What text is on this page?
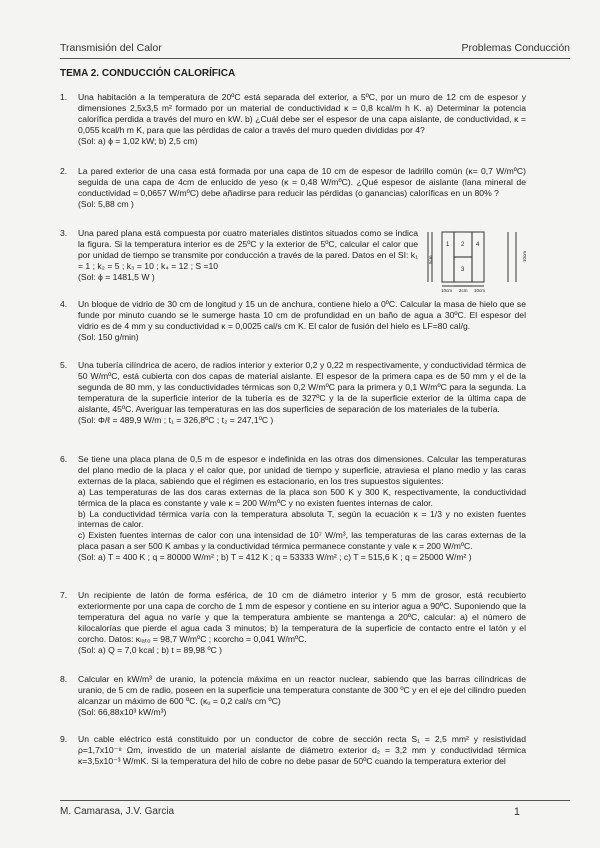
Transmisión del Calor	Problemas Conducción
TEMA 2. CONDUCCIÓN CALORÍFICA
1.	Una habitación a la temperatura de 20ºC está separada del exterior, a 5ºC, por un muro de 12 cm de espesor y dimensiones 2,5x3,5 m² formado por un material de conductividad κ = 0,8 kcal/m h K. a) Determinar la potencia calorífica perdida a través del muro en kW. b) ¿Cuál debe ser el espesor de una capa aislante, de conductividad, κ = 0,055 kcal/h m K, para que las pérdidas de calor a través del muro queden divididas por 4?

(Sol: a) ϕ = 1,02 kW; b) 2,5 cm)

2.	La pared exterior de una casa está formada por una capa de 10 cm de espesor de ladrillo común (κ= 0,7 W/mºC) seguida de una capa de 4cm de enlucido de yeso (κ = 0,48 W/mºC). ¿Qué espesor de aislante (lana mineral de conductividad = 0,0657 W/mºC) debe añadirse para reducir las pérdidas (o ganancias) caloríficas en un 80% ?

(Sol: 5,88 cm )

3.	Una pared plana está compuesta por cuatro materiales distintos situados como se indica la figura. Si la temperatura interior es de 25ºC y la exterior de 5ºC, calcular el calor que por unidad de tiempo se transmite por conducción a través de la pared. Datos en el SI: k₁ = 1 ; k₂ = 5 ; k₃ = 10 ; k₄ = 12 ; S =10

(Sol: ϕ = 1481,5 W )

1 2
3
4
5cm	10cm
10cm 2cm 10cm
4.	Un bloque de vidrio de 30 cm de longitud y 15 un de anchura, contiene hielo a 0ºC. Calcular la masa de hielo que se funde por minuto cuando se le sumerge hasta 10 cm de profundidad en un baño de agua a 30ºC. El espesor del vidrio es de 4 mm y su conductividad κ = 0,0025 cal/s cm K. El calor de fusión del hielo es LF=80 cal/g.

(Sol: 150 g/min)

5.	Una tubería cilíndrica de acero, de radios interior y exterior 0,2 y 0,22 m respectivamente, y conductividad térmica de 50 W/mºC, está cubierta con dos capas de material aislante. El espesor de la primera capa es de 50 mm y el de la segunda de 80 mm, y las conductividades térmicas son 0,2 W/mºC para la primera y 0,1 W/mºC para la segunda. La temperatura de la superficie interior de la tubería es de 327ºC y la de la superficie exterior de la última capa de aislante, 45ºC. Averiguar las temperaturas en las dos superficies de separación de los materiales de la tubería.

(Sol: Φ/ℓ = 489,9 W/m ; t₁ = 326,8ºC ; t₂ = 247,1ºC )

6.	Se tiene una placa plana de 0,5 m de espesor e indefinida en las otras dos dimensiones. Calcular las temperaturas del plano medio de la placa y el calor que, por unidad de tiempo y superficie, atraviesa el plano medio y las caras externas de la placa, sabiendo que el régimen es estacionario, en los tres supuestos siguientes:

a) Las temperaturas de las dos caras externas de la placa son 500 K y 300 K, respectivamente, la conductividad térmica de la placa es constante y vale κ = 200 W/mºC y no existen fuentes internas de calor.

b) La conductividad térmica varía con la temperatura absoluta T, según la ecuación κ = 1/3 y no existen fuentes internas de calor.

c) Existen fuentes internas de calor con una intensidad de 10⁷ W/m³, las temperaturas de las caras externas de la placa pasan a ser 500 K ambas y la conductividad térmica permanece constante y vale κ = 200 W/mºC.

(Sol: a) T = 400 K ; q = 80000 W/m² ; b) T = 412 K ; q = 53333 W/m² ; c) T = 515,6 K ; q = 25000 W/m² )

7.	Un recipiente de latón de forma esférica, de 10 cm de diámetro interior y 5 mm de grosor, está recubierto exteriormente por una capa de corcho de 1 mm de espesor y contiene en su interior agua a 90ºC. Suponiendo que la temperatura del agua no varíe y que la temperatura ambiente se mantenga a 20ºC, calcular: a) el número de kilocalorías que pierde el agua cada 3 minutos; b) la temperatura de la superficie de contacto entre el latón y el corcho. Datos: κₗₐₜₒ = 98,7 W/mºC ; κcorcho = 0,041 W/mºC.

(Sol: a) Q = 7,0 kcal ; b) t = 89,98 ºC )

8.	Calcular en kW/m³ de uranio, la potencia máxima en un reactor nuclear, sabiendo que las barras cilíndricas de uranio, de 5 cm de radio, poseen en la superficie una temperatura constante de 300 ºC y en el eje del cilindro pueden alcanzar un máximo de 600 ºC. (κᵤ = 0,2 cal/s cm ºC)

(Sol: 66,88x10³ kW/m³)

9.	Un cable eléctrico está constituido por un conductor de cobre de sección recta S₁ = 2,5 mm² y resistividad ρ=1,7x10⁻⁸ Ωm, investido de un material aislante de diámetro exterior d₂ = 3,2 mm y conductividad térmica κ=3,5x10⁻³ W/mK. Si la temperatura del hilo de cobre no debe pasar de 50ºC cuando la temperatura exterior del

M. Camarasa, J.V. Garcia	1
